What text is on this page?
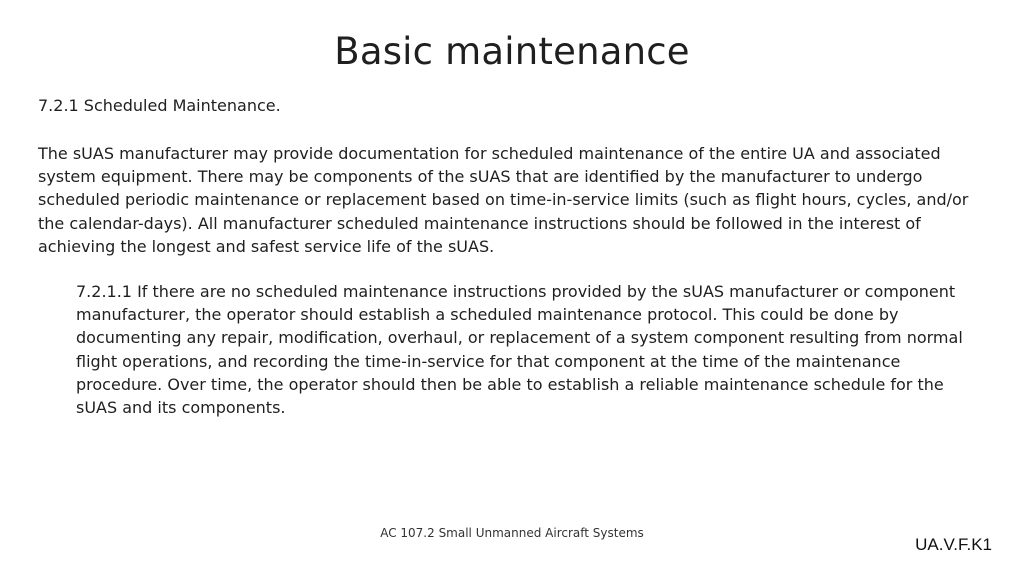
Basic maintenance

7.2.1 Scheduled Maintenance.

The sUAS manufacturer may provide documentation for scheduled maintenance of the entire UA and associated system equipment. There may be components of the sUAS that are identified by the manufacturer to undergo scheduled periodic maintenance or replacement based on time-in-service limits (such as flight hours, cycles, and/or the calendar-days). All manufacturer scheduled maintenance instructions should be followed in the interest of achieving the longest and safest service life of the sUAS.

7.2.1.1 If there are no scheduled maintenance instructions provided by the sUAS manufacturer or component manufacturer, the operator should establish a scheduled maintenance protocol. This could be done by documenting any repair, modification, overhaul, or replacement of a system component resulting from normal flight operations, and recording the time-in-service for that component at the time of the maintenance procedure. Over time, the operator should then be able to establish a reliable maintenance schedule for the sUAS and its components.

AC 107.2 Small Unmanned Aircraft Systems
UA.V.F.K1
